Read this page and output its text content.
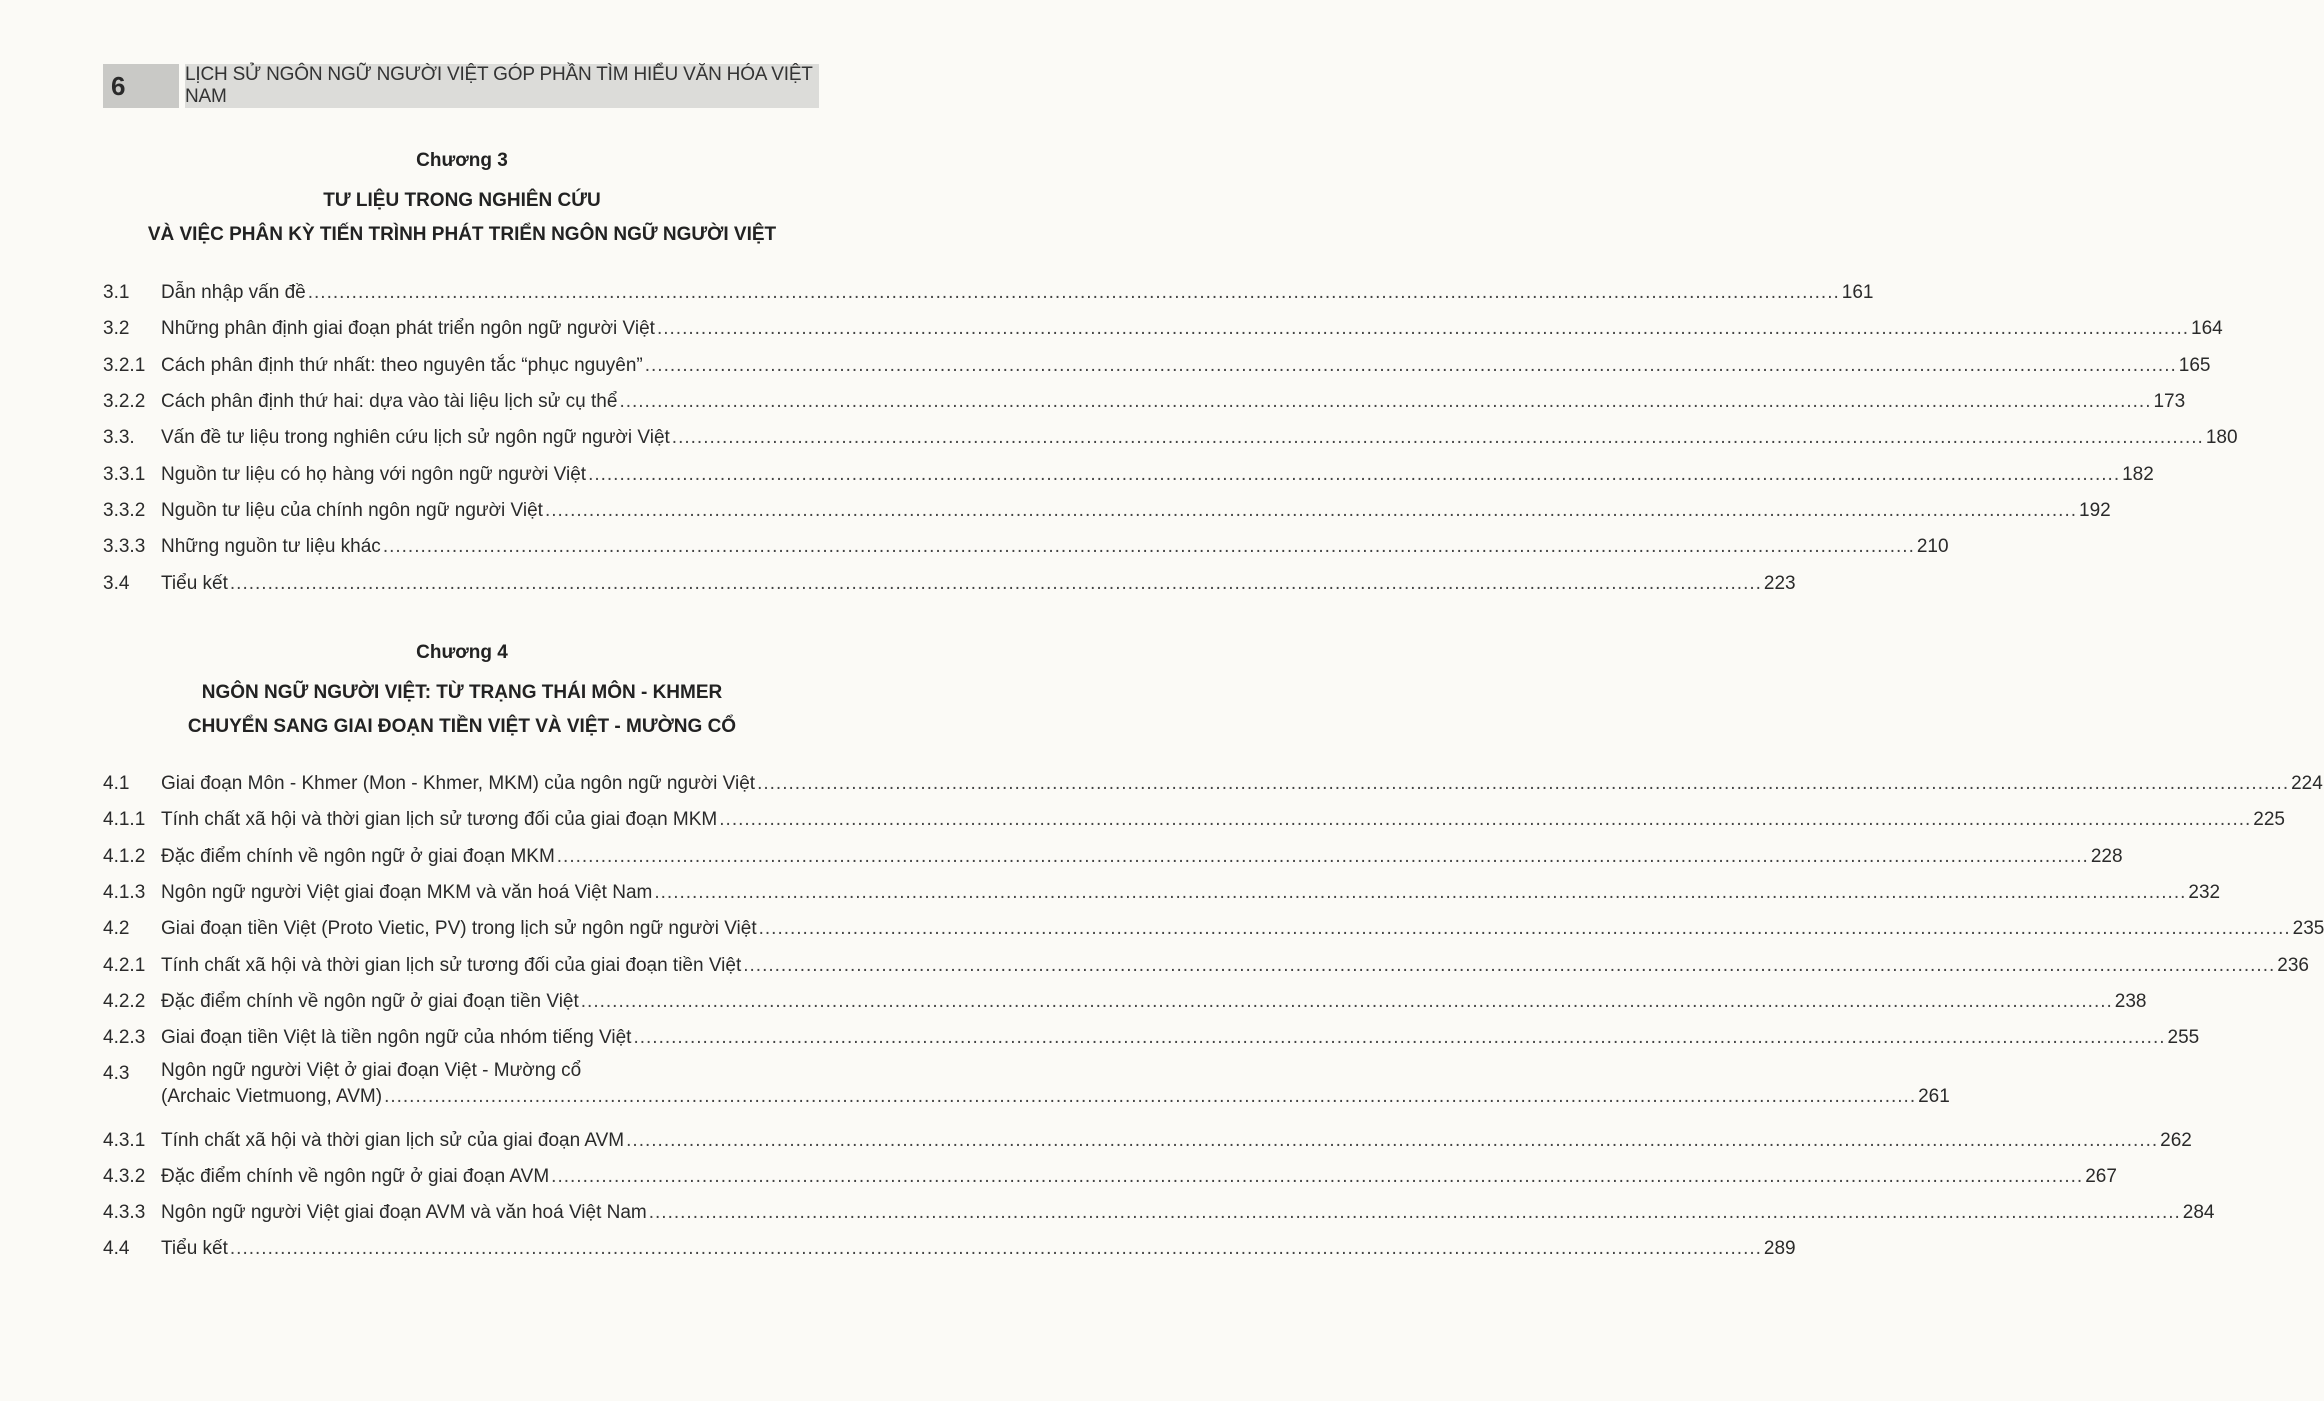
6	LỊCH SỬ NGÔN NGỮ NGƯỜI VIỆT GÓP PHẦN TÌM HIỂU VĂN HÓA VIỆT NAM
Chương 3
TƯ LIỆU TRONG NGHIÊN CỨU
VÀ VIỆC PHÂN KỲ TIẾN TRÌNH PHÁT TRIỂN NGÔN NGỮ NGƯỜI VIỆT
3.1	Dẫn nhập vấn đề .....	161
3.2	Những phân định giai đoạn phát triển ngôn ngữ người Việt .....	164
3.2.1 Cách phân định thứ nhất: theo nguyên tắc “phục nguyên” .....	165
3.2.2 Cách phân định thứ hai: dựa vào tài liệu lịch sử cụ thể .....	173
3.3.	Vấn đề tư liệu trong nghiên cứu lịch sử ngôn ngữ người Việt .....	180
3.3.1 Nguồn tư liệu có họ hàng với ngôn ngữ người Việt .....	182
3.3.2 Nguồn tư liệu của chính ngôn ngữ người Việt .....	192
3.3.3 Những nguồn tư liệu khác .....	210
3.4	Tiểu kết .....	223
Chương 4
NGÔN NGỮ NGƯỜI VIỆT: TỪ TRẠNG THÁI MÔN - KHMER
CHUYỂN SANG GIAI ĐOẠN TIỀN VIỆT VÀ VIỆT - MƯỜNG CỔ
4.1	Giai đoạn Môn - Khmer (Mon - Khmer, MKM) của ngôn ngữ người Việt .....	224
4.1.1 Tính chất xã hội và thời gian lịch sử tương đối của giai đoạn MKM .....	225
4.1.2 Đặc điểm chính về ngôn ngữ ở giai đoạn MKM .....	228
4.1.3 Ngôn ngữ người Việt giai đoạn MKM và văn hoá Việt Nam .....	232
4.2	Giai đoạn tiền Việt (Proto Vietic, PV) trong lịch sử ngôn ngữ người Việt .....	235
4.2.1 Tính chất xã hội và thời gian lịch sử tương đối của giai đoạn tiền Việt .....	236
4.2.2 Đặc điểm chính về ngôn ngữ ở giai đoạn tiền Việt .....	238
4.2.3 Giai đoạn tiền Việt là tiền ngôn ngữ của nhóm tiếng Việt .....	255
4.3	Ngôn ngữ người Việt ở giai đoạn Việt - Mường cổ
(Archaic Vietmuong, AVM) .....	261
4.3.1 Tính chất xã hội và thời gian lịch sử của giai đoạn AVM .....	262
4.3.2 Đặc điểm chính về ngôn ngữ ở giai đoạn AVM .....	267
4.3.3 Ngôn ngữ người Việt giai đoạn AVM và văn hoá Việt Nam .....	284
4.4	Tiểu kết .....	289
